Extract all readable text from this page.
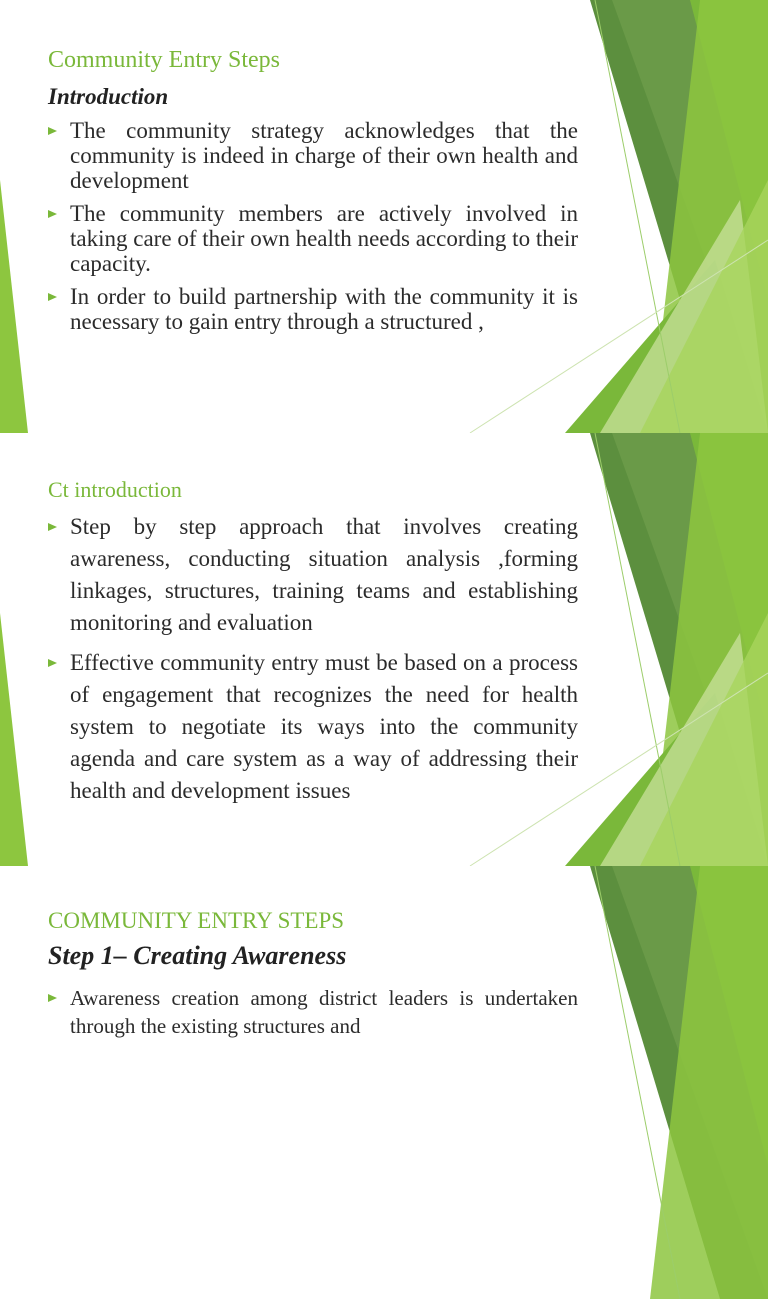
Community Entry Steps
Introduction
The community strategy acknowledges that the community is indeed in charge of their own health and development
The community members are actively involved in taking care of their own health needs according to their capacity.
In order to build partnership with the community it is necessary to gain entry through a structured ,
Ct introduction
Step by step approach that involves creating awareness, conducting situation analysis ,forming linkages, structures, training teams and establishing monitoring and evaluation
Effective community entry must be based on a process of engagement that recognizes the need for health system to negotiate its ways into the community agenda and care system as a way of addressing their health and development issues
COMMUNITY ENTRY STEPS
Step 1– Creating Awareness
Awareness creation among district leaders is undertaken through the existing structures and
